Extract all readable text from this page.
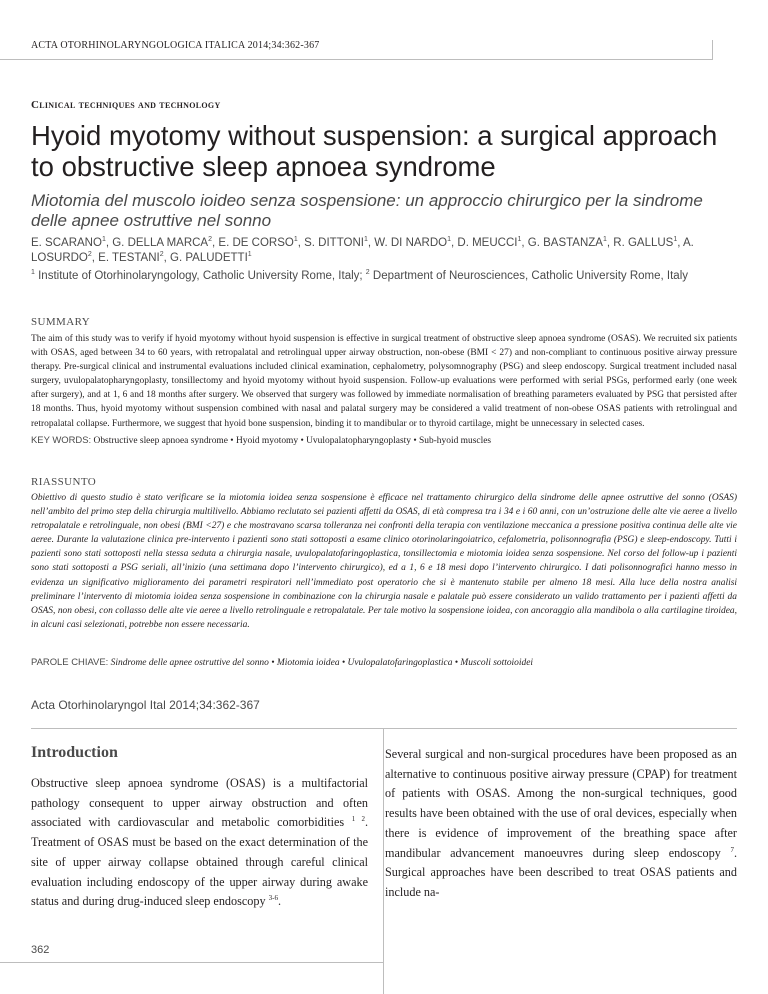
ACTA OTORHINOLARYNGOLOGICA ITALICA 2014;34:362-367
Clinical techniques and technology
Hyoid myotomy without suspension: a surgical approach to obstructive sleep apnoea syndrome
Miotomia del muscolo ioideo senza sospensione: un approccio chirurgico per la sindrome delle apnee ostruttive nel sonno
E. SCARANO$^1$, G. DELLA MARCA$^2$, E. DE CORSO$^1$, S. DITTONI$^1$, W. DI NARDO$^1$, D. MEUCCI$^1$, G. BASTANZA$^1$, R. GALLUS$^1$, A. LOSURDO$^2$, E. TESTANI$^2$, G. PALUDETTI$^1$
$^1$ Institute of Otorhinolaryngology, Catholic University Rome, Italy; $^2$ Department of Neurosciences, Catholic University Rome, Italy
SUMMARY
The aim of this study was to verify if hyoid myotomy without hyoid suspension is effective in surgical treatment of obstructive sleep apnoea syndrome (OSAS). We recruited six patients with OSAS, aged between 34 to 60 years, with retropalatal and retrolingual upper airway obstruction, non-obese (BMI < 27) and non-compliant to continuous positive airway pressure therapy. Pre-surgical clinical and instrumental evaluations included clinical examination, cephalometry, polysomnography (PSG) and sleep endoscopy. Surgical treatment included nasal surgery, uvulopalatopharyngoplasty, tonsillectomy and hyoid myotomy without hyoid suspension. Follow-up evaluations were performed with serial PSGs, performed early (one week after surgery), and at 1, 6 and 18 months after surgery. We observed that surgery was followed by immediate normalisation of breathing parameters evaluated by PSG that persisted after 18 months. Thus, hyoid myotomy without suspension combined with nasal and palatal surgery may be considered a valid treatment of non-obese OSAS patients with retrolingual and retropalatal collapse. Furthermore, we suggest that hyoid bone suspension, binding it to mandibular or to thyroid cartilage, might be unnecessary in selected cases.
KEY WORDS: Obstructive sleep apnoea syndrome • Hyoid myotomy • Uvulopalatopharyngoplasty • Sub-hyoid muscles
RIASSUNTO
Obiettivo di questo studio è stato verificare se la miotomia ioidea senza sospensione è efficace nel trattamento chirurgico della sindrome delle apnee ostruttive del sonno (OSAS) nell’ambito del primo step della chirurgia multilivello. Abbiamo reclutato sei pazienti affetti da OSAS, di età compresa tra i 34 e i 60 anni, con un’ostruzione delle alte vie aeree a livello retropalatale e retrolinguale, non obesi (BMI <27) e che mostravano scarsa tolleranza nei confronti della terapia con ventilazione meccanica a pressione positiva continua delle alte vie aeree. Durante la valutazione clinica pre-intervento i pazienti sono stati sottoposti a esame clinico otorinolaringoiatrico, cefalometria, polisonnografia (PSG) e sleep-endoscopy. Tutti i pazienti sono stati sottoposti nella stessa seduta a chirurgia nasale, uvulopalatofaringoplastica, tonsillectomia e miotomia ioidea senza sospensione. Nel corso del follow-up i pazienti sono stati sottoposti a PSG seriali, all’inizio (una settimana dopo l’intervento chirurgico), ed a 1, 6 e 18 mesi dopo l’intervento chirurgico. I dati polisonnografici hanno messo in evidenza un significativo miglioramento dei parametri respiratori nell’immediato post operatorio che si è mantenuto stabile per almeno 18 mesi. Alla luce della nostra analisi preliminare l’intervento di miotomia ioidea senza sospensione in combinazione con la chirurgia nasale e palatale può essere considerato un valido trattamento per i pazienti affetti da OSAS, non obesi, con collasso delle alte vie aeree a livello retrolinguale e retropalatale. Per tale motivo la sospensione ioidea, con ancoraggio alla mandibola o alla cartilagine tiroidea, in alcuni casi selezionati, potrebbe non essere necessaria.
PAROLE CHIAVE: Sindrome delle apnee ostruttive del sonno • Miotomia ioidea • Uvulopalatofaringoplastica • Muscoli sottoioidei
Acta Otorhinolaryngol Ital 2014;34:362-367
Introduction
Obstructive sleep apnoea syndrome (OSAS) is a multifactorial pathology consequent to upper airway obstruction and often associated with cardiovascular and metabolic comorbidities $^{1 2}$. Treatment of OSAS must be based on the exact determination of the site of upper airway collapse obtained through careful clinical evaluation including endoscopy of the upper airway during awake status and during drug-induced sleep endoscopy $^{3-6}$.
Several surgical and non-surgical procedures have been proposed as an alternative to continuous positive airway pressure (CPAP) for treatment of patients with OSAS. Among the non-surgical techniques, good results have been obtained with the use of oral devices, especially when there is evidence of improvement of the breathing space after mandibular advancement manoeuvres during sleep endoscopy $^7$. Surgical approaches have been described to treat OSAS patients and include na-
362
